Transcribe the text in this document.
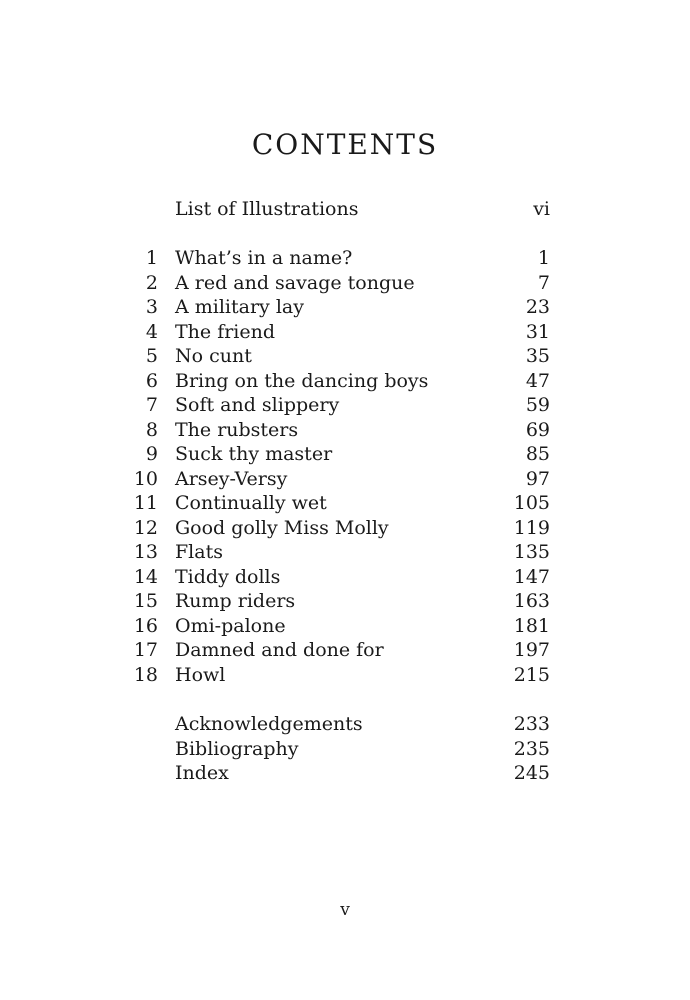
CONTENTS
List of Illustrations	vi
1 What’s in a name?	1
2 A red and savage tongue	7
3 A military lay	23
4 The friend	31
5 No cunt	35
6 Bring on the dancing boys	47
7 Soft and slippery	59
8 The rubsters	69
9 Suck thy master	85
10 Arsey-Versy	97
11 Continually wet	105
12 Good golly Miss Molly	119
13 Flats	135
14 Tiddy dolls	147
15 Rump riders	163
16 Omi-palone	181
17 Damned and done for	197
18 Howl	215
Acknowledgements	233
Bibliography	235
Index	245
v
